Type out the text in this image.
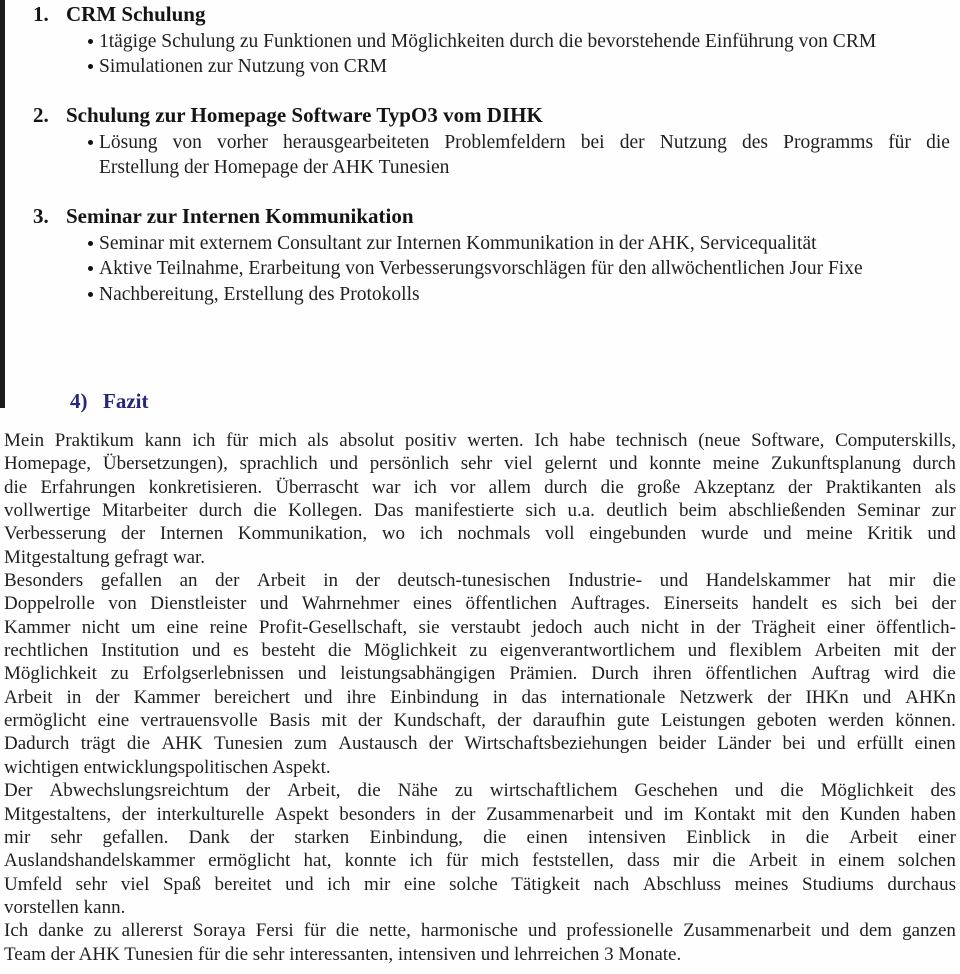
1. CRM Schulung
1tägige Schulung zu Funktionen und Möglichkeiten durch die bevorstehende Einführung von CRM
Simulationen zur Nutzung von CRM
2. Schulung zur Homepage Software TypO3 vom DIHK
Lösung von vorher herausgearbeiteten Problemfeldern bei der Nutzung des Programms für die
Erstellung der Homepage der AHK Tunesien
3. Seminar zur Internen Kommunikation
Seminar mit externem Consultant zur Internen Kommunikation in der AHK, Servicequalität
Aktive Teilnahme, Erarbeitung von Verbesserungsvorschlägen für den allwöchentlichen Jour Fixe
Nachbereitung, Erstellung des Protokolls
4) Fazit
Mein Praktikum kann ich für mich als absolut positiv werten. Ich habe technisch (neue Software, Computerskills,
Homepage, Übersetzungen), sprachlich und persönlich sehr viel gelernt und konnte meine Zukunftsplanung durch
die Erfahrungen konkretisieren. Überrascht war ich vor allem durch die große Akzeptanz der Praktikanten als
vollwertige Mitarbeiter durch die Kollegen. Das manifestierte sich u.a. deutlich beim abschließenden Seminar zur
Verbesserung der Internen Kommunikation, wo ich nochmals voll eingebunden wurde und meine Kritik und
Mitgestaltung gefragt war.
Besonders gefallen an der Arbeit in der deutsch-tunesischen Industrie- und Handelskammer hat mir die
Doppelrolle von Dienstleister und Wahrnehmer eines öffentlichen Auftrages. Einerseits handelt es sich bei der
Kammer nicht um eine reine Profit-Gesellschaft, sie verstaubt jedoch auch nicht in der Trägheit einer öffentlich-
rechtlichen Institution und es besteht die Möglichkeit zu eigenverantwortlichem und flexiblem Arbeiten mit der
Möglichkeit zu Erfolgserlebnissen und leistungsabhängigen Prämien. Durch ihren öffentlichen Auftrag wird die
Arbeit in der Kammer bereichert und ihre Einbindung in das internationale Netzwerk der IHKn und AHKn
ermöglicht eine vertrauensvolle Basis mit der Kundschaft, der daraufhin gute Leistungen geboten werden können.
Dadurch trägt die AHK Tunesien zum Austausch der Wirtschaftsbeziehungen beider Länder bei und erfüllt einen
wichtigen entwicklungspolitischen Aspekt.
Der Abwechslungsreichtum der Arbeit, die Nähe zu wirtschaftlichem Geschehen und die Möglichkeit des
Mitgestaltens, der interkulturelle Aspekt besonders in der Zusammenarbeit und im Kontakt mit den Kunden haben
mir sehr gefallen. Dank der starken Einbindung, die einen intensiven Einblick in die Arbeit einer
Auslandshandelskammer ermöglicht hat, konnte ich für mich feststellen, dass mir die Arbeit in einem solchen
Umfeld sehr viel Spaß bereitet und ich mir eine solche Tätigkeit nach Abschluss meines Studiums durchaus
vorstellen kann.
Ich danke zu allererst Soraya Fersi für die nette, harmonische und professionelle Zusammenarbeit und dem ganzen
Team der AHK Tunesien für die sehr interessanten, intensiven und lehrreichen 3 Monate.
